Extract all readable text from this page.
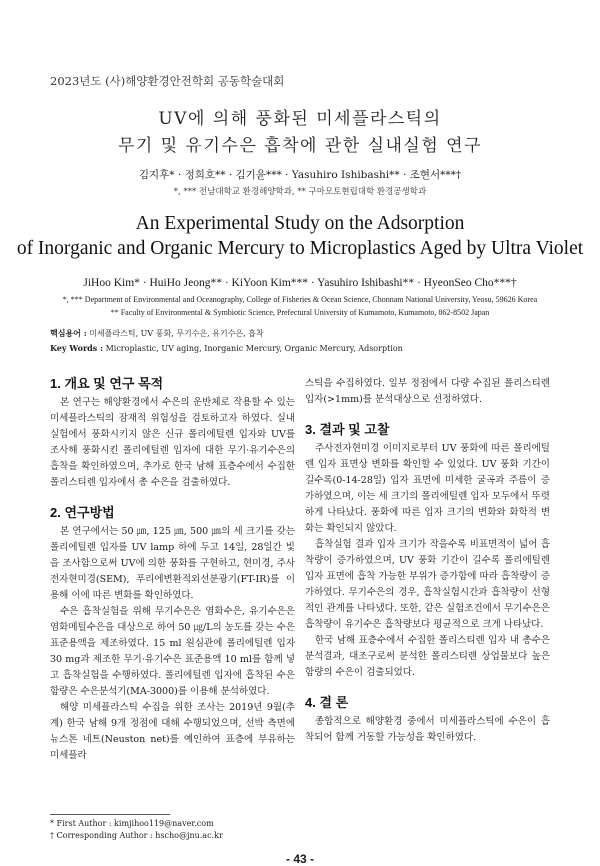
2023년도 (사)해양환경안전학회 공동학술대회
UV에 의해 풍화된 미세플라스틱의
무기 및 유기수은 흡착에 관한 실내실험 연구
김지후* · 정희호** · 김기윤*** · Yasuhiro Ishibashi** · 조현서***†
*, *** 전남대학교 환경해양학과, ** 구마모토현립대학 환경공생학과
An Experimental Study on the Adsorption
of Inorganic and Organic Mercury to Microplastics Aged by Ultra Violet
JiHoo Kim* · HuiHo Jeong** · KiYoon Kim*** · Yasuhiro Ishibashi** · HyeonSeo Cho***†
*, *** Department of Environmental and Oceanography, College of Fisheries & Ocean Science, Chonnam National University, Yeosu, 59626 Korea
** Faculty of Environmental & Symbiotic Science, Prefectural University of Kumamoto, Kumamoto, 862-8502 Japan
핵심용어 : 미세플라스틱, UV 풍화, 무기수은, 유기수은, 흡착
Key Words : Microplastic, UV aging, Inorganic Mercury, Organic Mercury, Adsorption
1. 개요 및 연구 목적

본 연구는 해양환경에서 수은의 운반체로 작용할 수 있는 미세플라스틱의 잠재적 위험성을 검토하고자 하였다. 실내 실험에서 풍화시키지 않은 신규 폴리에틸렌 입자와 UV를 조사해 풍화시킨 폴리에틸렌 입자에 대한 무기·유기수은의 흡착을 확인하였으며, 추가로 한국 남해 표층수에서 수집한 폴리스티렌 입자에서 총 수은을 검출하였다.

2. 연구방법

본 연구에서는 50 ㎛, 125 ㎛, 500 ㎛의 세 크기를 갖는 폴리에틸렌 입자를 UV lamp 하에 두고 14일, 28일간 빛을 조사함으로써 UV에 의한 풍화를 구현하고, 현미경, 주사전자현미경(SEM), 푸리에변환적외선분광기(FT-IR)를 이용해 이에 따른 변화를 확인하였다.

수은 흡착실험을 위해 무기수은은 염화수은, 유기수은은 염화메틸수은을 대상으로 하여 50 ㎍/L의 농도를 갖는 수은 표준용액을 제조하였다. 15 ml 원심관에 폴리에틸렌 입자 30 mg과 제조한 무기·유기수은 표준용액 10 ml를 함께 넣고 흡착실험을 수행하였다. 폴리에틸렌 입자에 흡착된 수은 함량은 수은분석기(MA-3000)를 이용해 분석하였다.

해양 미세플라스틱 수집을 위한 조사는 2019년 9월(추계) 한국 남해 9개 정점에 대해 수행되었으며, 선박 측면에 뉴스톤 네트(Neuston net)를 예인하여 표층에 부유하는 미세플라

스틱을 수집하였다. 일부 정점에서 다량 수집된 폴리스티렌 입자(>1mm)를 분석대상으로 선정하였다.

3. 결과 및 고찰

주사전자현미경 이미지로부터 UV 풍화에 따른 폴리에틸렌 입자 표면상 변화를 확인할 수 있었다. UV 풍화 기간이 길수록(0-14-28일) 입자 표면에 미세한 굴곡과 주름이 증가하였으며, 이는 세 크기의 폴리에틸렌 입자 모두에서 뚜렷하게 나타났다. 풍화에 따른 입자 크기의 변화와 화학적 변화는 확인되지 않았다.

흡착실험 결과 입자 크기가 작을수록 비표면적이 넓어 흡착량이 증가하였으며, UV 풍화 기간이 길수록 폴리에틸렌 입자 표면에 흡착 가능한 부위가 증가함에 따라 흡착량이 증가하였다. 무기수은의 경우, 흡착실험시간과 흡착량이 선형적인 관계를 나타냈다. 또한, 같은 실험조건에서 무기수은은 흡착량이 유기수은 흡착량보다 평균적으로 크게 나타났다.

한국 남해 표층수에서 수집한 폴리스티렌 입자 내 총수은 분석결과, 대조구로써 분석한 폴리스티렌 상업물보다 높은 함량의 수은이 검출되었다.

4. 결 론

종합적으로 해양환경 중에서 미세플라스틱에 수은이 흡착되어 함께 거동할 가능성을 확인하였다.

* First Author : kimjihoo119@naver.com
† Corresponding Author : hscho@jnu.ac.kr
- 43 -
